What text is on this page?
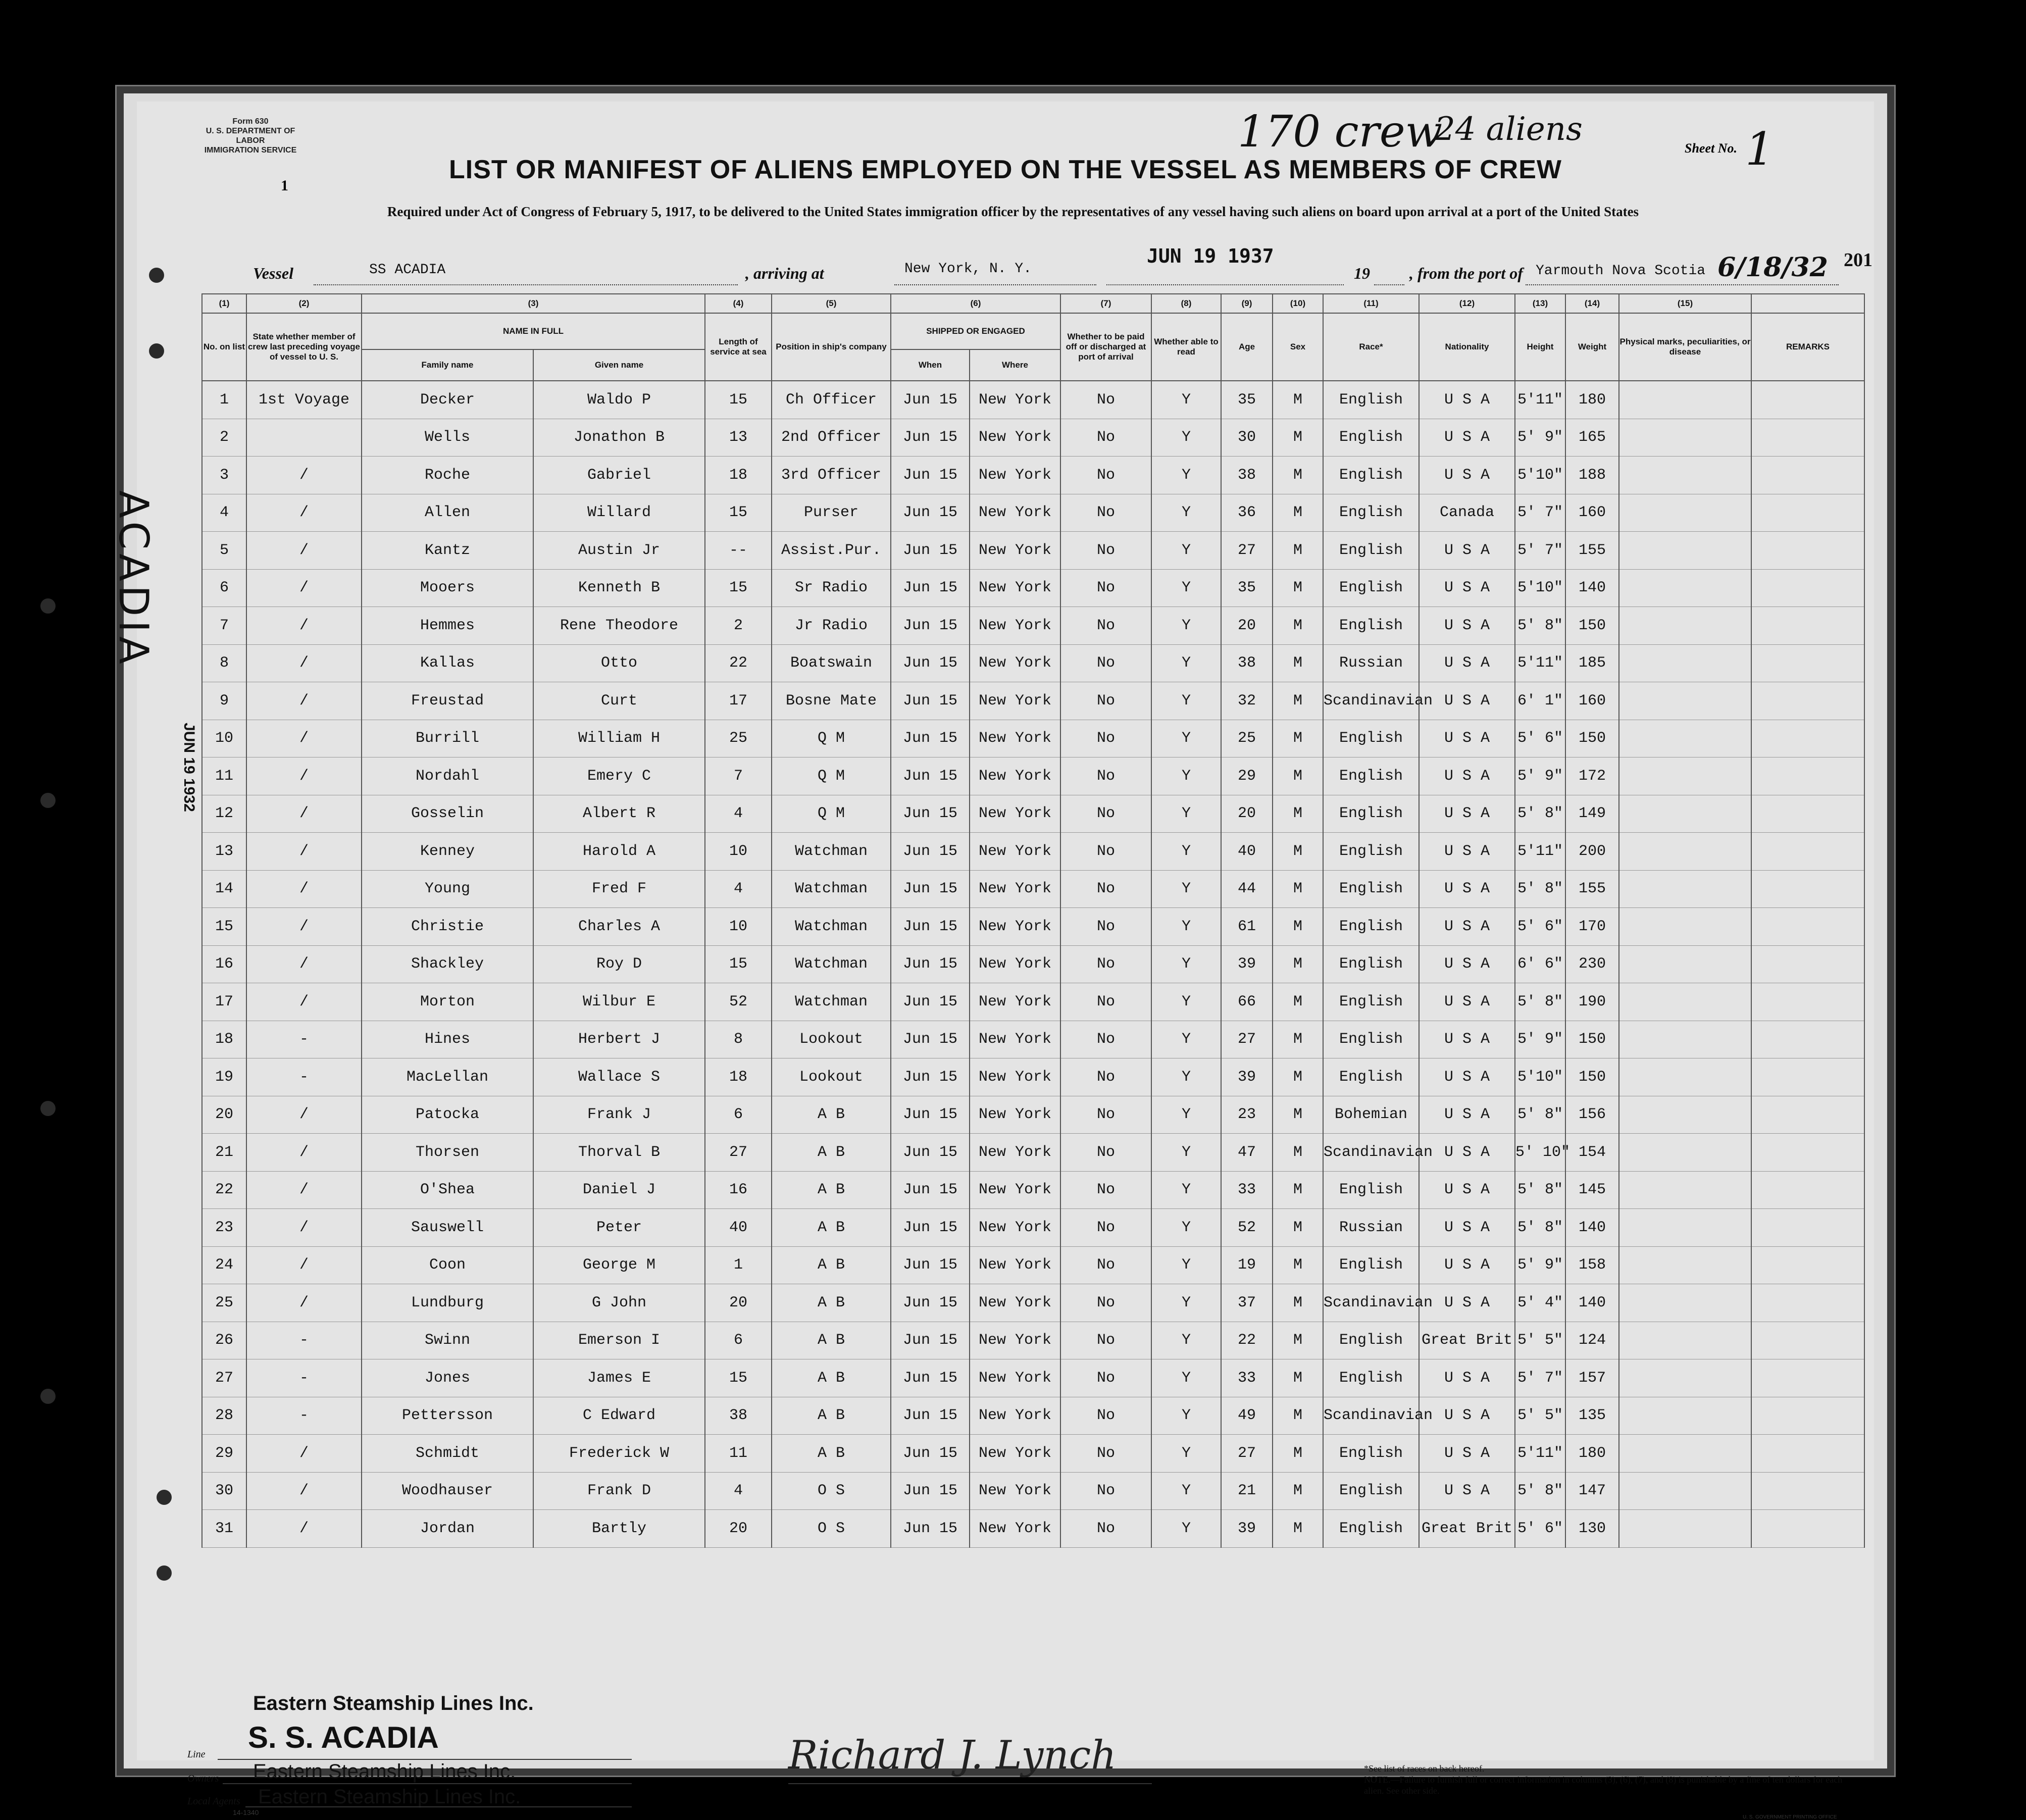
Form 630
U. S. DEPARTMENT OF LABOR
IMMIGRATION SERVICE
1
170 crew
24 aliens
Sheet No. 1
LIST OR MANIFEST OF ALIENS EMPLOYED ON THE VESSEL AS MEMBERS OF CREW
Required under Act of Congress of February 5, 1917, to be delivered to the United States immigration officer by the representatives of any vessel having such aliens on board upon arrival at a port of the United States
Vessel	SS ACADIA	, arriving at	New York, N. Y.
JUN 19 1937
19 , from the port of Yarmouth Nova Scotia 6/18/32 201
(1)	(2)	(3)		(4)	(5)	(6)		(7)	(8)	(9)	(10)	(11)	(12)	(13)	(14)	(15)	
No. on list	State whether member of crew last preceding voyage of vessel to U. S.	NAME IN FULL		Length of service at sea	Position in ship's company	SHIPPED OR ENGAGED		Whether to be paid off or discharged at port of arrival	Whether able to read	Age	Sex	Race*	Nationality	Height	Weight	Physical marks, peculiarities, or disease	REMARKS
		Family name	Given name			When	Where										
1	1st Voyage	Decker	Waldo P	15	Ch Officer	Jun 15	New York	No	Y	35	M	English	U S A	5'11"	180		
2		Wells	Jonathon B	13	2nd Officer	Jun 15	New York	No	Y	30	M	English	U S A	5' 9"	165		
3	/	Roche	Gabriel	18	3rd Officer	Jun 15	New York	No	Y	38	M	English	U S A	5'10"	188		
4	/	Allen	Willard	15	Purser	Jun 15	New York	No	Y	36	M	English	Canada	5' 7"	160		
5	/	Kantz	Austin Jr	--	Assist.Pur.	Jun 15	New York	No	Y	27	M	English	U S A	5' 7"	155		
6	/	Mooers	Kenneth B	15	Sr Radio	Jun 15	New York	No	Y	35	M	English	U S A	5'10"	140		
7	/	Hemmes	Rene Theodore	2	Jr Radio	Jun 15	New York	No	Y	20	M	English	U S A	5' 8"	150		
8	/	Kallas	Otto	22	Boatswain	Jun 15	New York	No	Y	38	M	Russian	U S A	5'11"	185		
9	/	Freustad	Curt	17	Bosne Mate	Jun 15	New York	No	Y	32	M	Scandinavian	U S A	6' 1"	160		
10	/	Burrill	William H	25	Q M	Jun 15	New York	No	Y	25	M	English	U S A	5' 6"	150		
11	/	Nordahl	Emery C	7	Q M	Jun 15	New York	No	Y	29	M	English	U S A	5' 9"	172		
12	/	Gosselin	Albert R	4	Q M	Jun 15	New York	No	Y	20	M	English	U S A	5' 8"	149		
13	/	Kenney	Harold A	10	Watchman	Jun 15	New York	No	Y	40	M	English	U S A	5'11"	200		
14	/	Young	Fred F	4	Watchman	Jun 15	New York	No	Y	44	M	English	U S A	5' 8"	155		
15	/	Christie	Charles A	10	Watchman	Jun 15	New York	No	Y	61	M	English	U S A	5' 6"	170		
16	/	Shackley	Roy D	15	Watchman	Jun 15	New York	No	Y	39	M	English	U S A	6' 6"	230		
17	/	Morton	Wilbur E	52	Watchman	Jun 15	New York	No	Y	66	M	English	U S A	5' 8"	190		
18	-	Hines	Herbert J	8	Lookout	Jun 15	New York	No	Y	27	M	English	U S A	5' 9"	150		
19	-	MacLellan	Wallace S	18	Lookout	Jun 15	New York	No	Y	39	M	English	U S A	5'10"	150		
20	/	Patocka	Frank J	6	A B	Jun 15	New York	No	Y	23	M	Bohemian	U S A	5' 8"	156		
21	/	Thorsen	Thorval B	27	A B	Jun 15	New York	No	Y	47	M	Scandinavian	U S A	5' 10"	154		
22	/	O'Shea	Daniel J	16	A B	Jun 15	New York	No	Y	33	M	English	U S A	5' 8"	145		
23	/	Sauswell	Peter	40	A B	Jun 15	New York	No	Y	52	M	Russian	U S A	5' 8"	140		
24	/	Coon	George M	1	A B	Jun 15	New York	No	Y	19	M	English	U S A	5' 9"	158		
25	/	Lundburg	G John	20	A B	Jun 15	New York	No	Y	37	M	Scandinavian	U S A	5' 4"	140		
26	-	Swinn	Emerson I	6	A B	Jun 15	New York	No	Y	22	M	English	Great Brit	5' 5"	124		
27	-	Jones	James E	15	A B	Jun 15	New York	No	Y	33	M	English	U S A	5' 7"	157		
28	-	Pettersson	C Edward	38	A B	Jun 15	New York	No	Y	49	M	Scandinavian	U S A	5' 5"	135		
29	/	Schmidt	Frederick W	11	A B	Jun 15	New York	No	Y	27	M	English	U S A	5'11"	180		
30	/	Woodhauser	Frank D	4	O S	Jun 15	New York	No	Y	21	M	English	U S A	5' 8"	147		
31	/	Jordan	Bartly	20	O S	Jun 15	New York	No	Y	39	M	English	Great Brit	5' 6"	130		
ACADIA
JUN 19 1932
Eastern Steamship Lines Inc.
S. S. ACADIA
Line
Owners Eastern Steamship Lines Inc.
Local Agents Eastern Steamship Lines Inc.
14-1340
Richard J. Lynch
Immigrant Inspector.
*See list of races on back hereof.
NOTE.—Failure to furnish full or correct information in columns (3), (6), (7), and (8) is punishable by a fine of ten dollars for each alien. See other side.
U. S. GOVERNMENT PRINTING OFFICE
